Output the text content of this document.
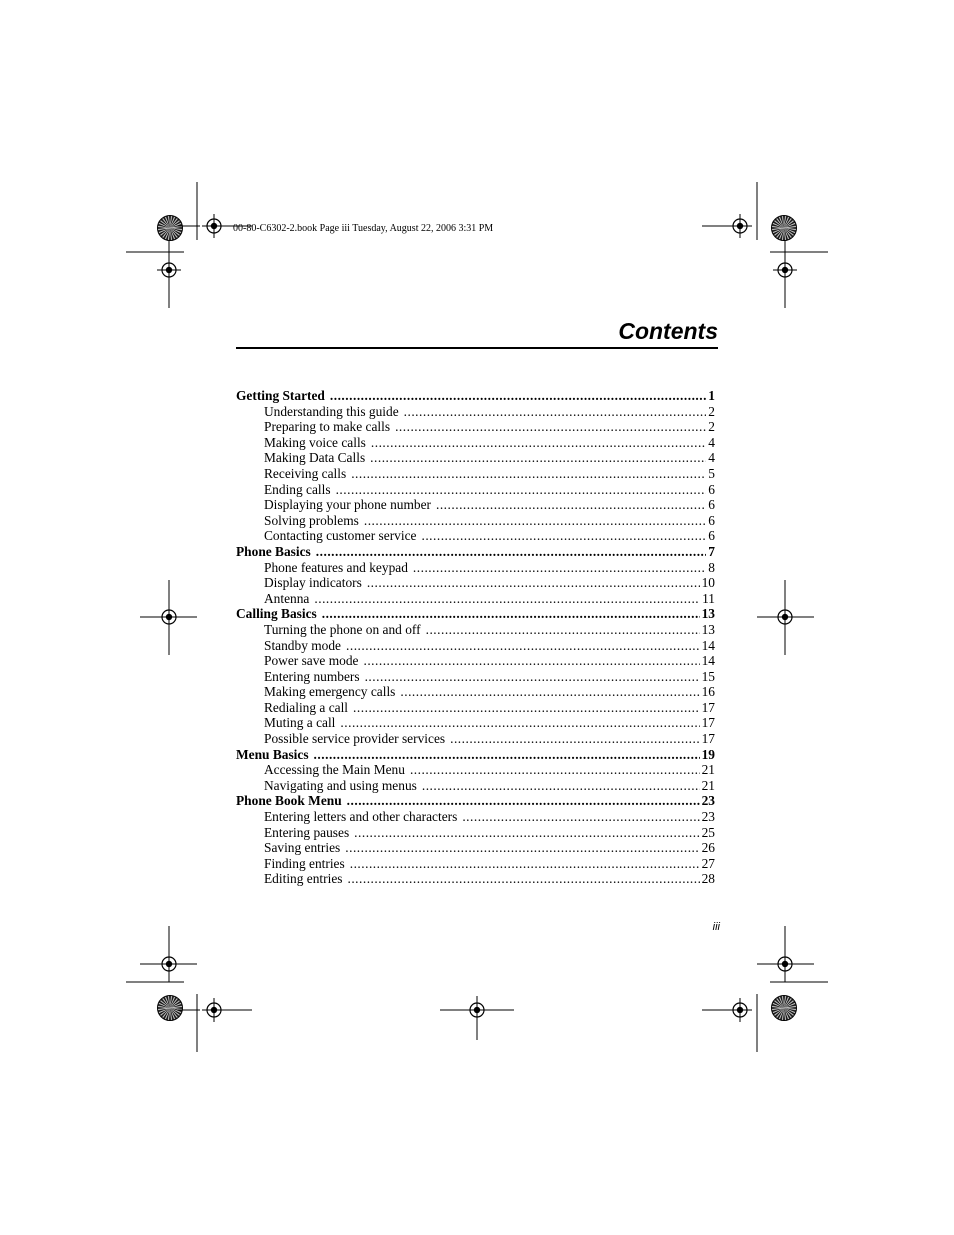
00-80-C6302-2.book Page iii Tuesday, August 22, 2006 3:31 PM
Contents
Getting Started .....	1
Understanding this guide .....	2
Preparing to make calls .....	2
Making voice calls .....	4
Making Data Calls .....	4
Receiving calls .....	5
Ending calls .....	6
Displaying your phone number .....	6
Solving problems .....	6
Contacting customer service .....	6
Phone Basics .....	7
Phone features and keypad .....	8
Display indicators .....	10
Antenna .....	11
Calling Basics .....	13
Turning the phone on and off .....	13
Standby mode .....	14
Power save mode .....	14
Entering numbers .....	15
Making emergency calls .....	16
Redialing a call .....	17
Muting a call .....	17
Possible service provider services .....	17
Menu Basics .....	19
Accessing the Main Menu .....	21
Navigating and using menus .....	21
Phone Book Menu .....	23
Entering letters and other characters .....	23
Entering pauses .....	25
Saving entries .....	26
Finding entries .....	27
Editing entries .....	28
iii
